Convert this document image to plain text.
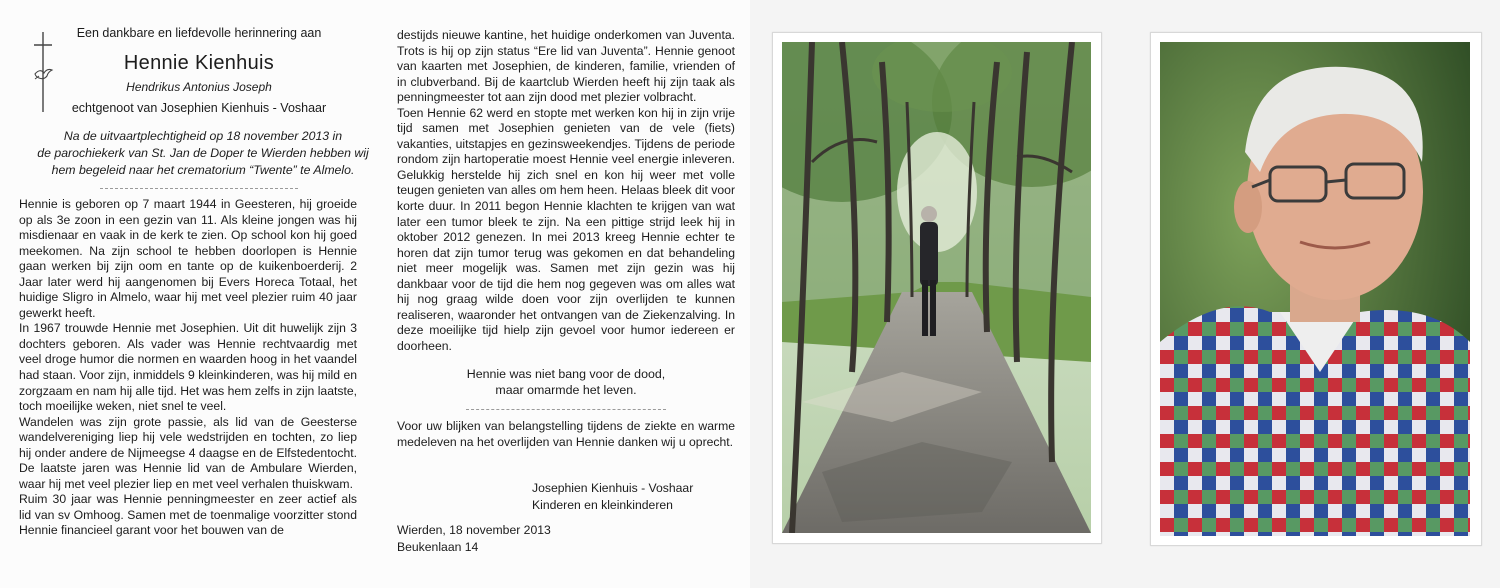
Een dankbare en liefdevolle herinnering aan
Hennie Kienhuis
Hendrikus Antonius Joseph
echtgenoot van Josephien Kienhuis - Voshaar
Na de uitvaartplechtigheid op 18 november 2013 in
de parochiekerk van St. Jan de Doper te Wierden hebben wij
hem begeleid naar het crematorium “Twente” te Almelo.

Hennie is geboren op 7 maart 1944 in Geesteren, hij groeide op als 3e zoon in een gezin van 11. Als kleine jongen was hij misdienaar en vaak in de kerk te zien. Op school kon hij goed meekomen. Na zijn school te hebben doorlopen is Hennie gaan werken bij zijn oom en tante op de kuikenboerderij. 2 Jaar later werd hij aangenomen bij Evers Horeca Totaal, het huidige Sligro in Almelo, waar hij met veel plezier ruim 40 jaar gewerkt heeft.

In 1967 trouwde Hennie met Josephien. Uit dit huwelijk zijn 3 dochters geboren. Als vader was Hennie rechtvaardig met veel droge humor die normen en waarden hoog in het vaandel had staan. Voor zijn, inmiddels 9 kleinkinderen, was hij mild en zorgzaam en nam hij alle tijd. Het was hem zelfs in zijn laatste, toch moeilijke weken, niet snel te veel.

Wandelen was zijn grote passie, als lid van de Geesterse wandelvereniging liep hij vele wedstrijden en tochten, zo liep hij onder andere de Nijmeegse 4 daagse en de Elfstedentocht. De laatste jaren was Hennie lid van de Ambulare Wierden, waar hij met veel plezier liep en met veel verhalen thuiskwam.

Ruim 30 jaar was Hennie penningmeester en zeer actief als lid van sv Omhoog. Samen met de toenmalige voorzitter stond Hennie financieel garant voor het bouwen van de

destijds nieuwe kantine, het huidige onderkomen van Juventa. Trots is hij op zijn status “Ere lid van Juventa”. Hennie genoot van kaarten met Josephien, de kinderen, familie, vrienden of in clubverband. Bij de kaartclub Wierden heeft hij zijn taak als penningmeester tot aan zijn dood met plezier volbracht.

Toen Hennie 62 werd en stopte met werken kon hij in zijn vrije tijd samen met Josephien genieten van de vele (fiets) vakanties, uitstapjes en gezinsweekendjes. Tijdens de periode rondom zijn hartoperatie moest Hennie veel energie inleveren. Gelukkig herstelde hij zich snel en kon hij weer met volle teugen genieten van alles om hem heen. Helaas bleek dit voor korte duur. In 2011 begon Hennie klachten te krijgen van wat later een tumor bleek te zijn. Na een pittige strijd leek hij in oktober 2012 genezen. In mei 2013 kreeg Hennie echter te horen dat zijn tumor terug was gekomen en dat behandeling niet meer mogelijk was. Samen met zijn gezin was hij dankbaar voor de tijd die hem nog gegeven was om alles wat hij nog graag wilde doen voor zijn overlijden te kunnen realiseren, waaronder het ontvangen van de Ziekenzalving. In deze moeilijke tijd hielp zijn gevoel voor humor iedereen er doorheen.

Hennie was niet bang voor de dood,
maar omarmde het leven.
Voor uw blijken van belangstelling tijdens de ziekte en warme medeleven na het overlijden van Hennie danken wij u oprecht.
Josephien Kienhuis - Voshaar
Kinderen en kleinkinderen
Wierden, 18 november 2013
Beukenlaan 14
